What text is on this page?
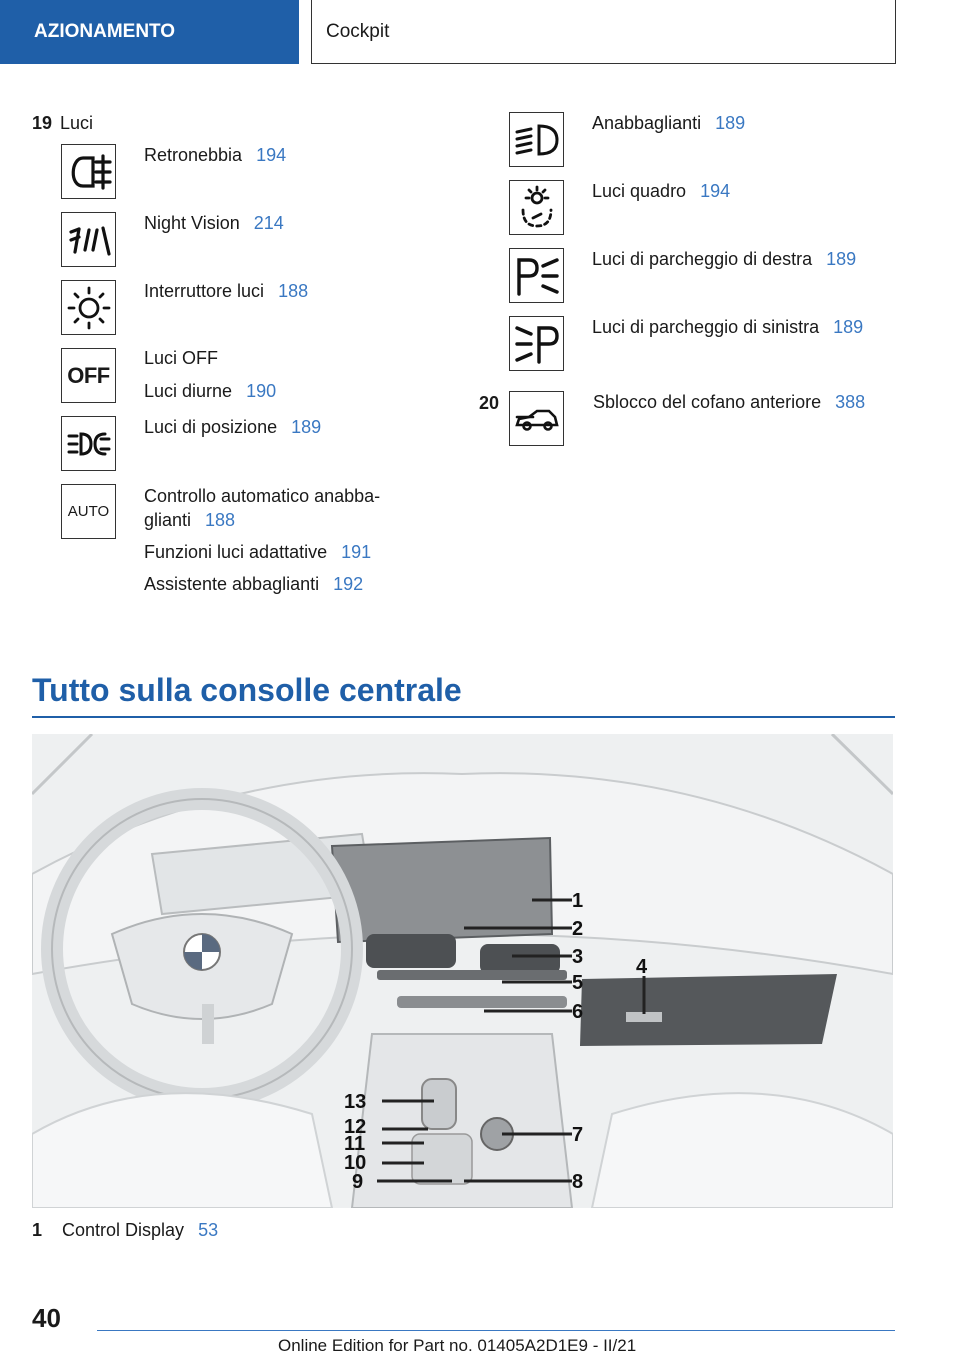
AZIONAMENTO	Cockpit
19 Luci
OFF
AUTO
Retronebbia 194
Night Vision 214
Interruttore luci 188
Luci OFF
Luci diurne 190
Luci di posizione 189
Controllo automatico anabba-
glianti 188
Funzioni luci adattative 191
Assistente abbaglianti 192
Anabbaglianti 189
Luci quadro 194
Luci di parcheggio di destra 189
Luci di parcheggio di sinistra 189
20	Sblocco del cofano anteriore 388
Tutto sulla consolle centrale
1
2
3
5
6
4
13
12
11
10
9
7
8
1 Control Display 53
40
Online Edition for Part no. 01405A2D1E9 - II/21
